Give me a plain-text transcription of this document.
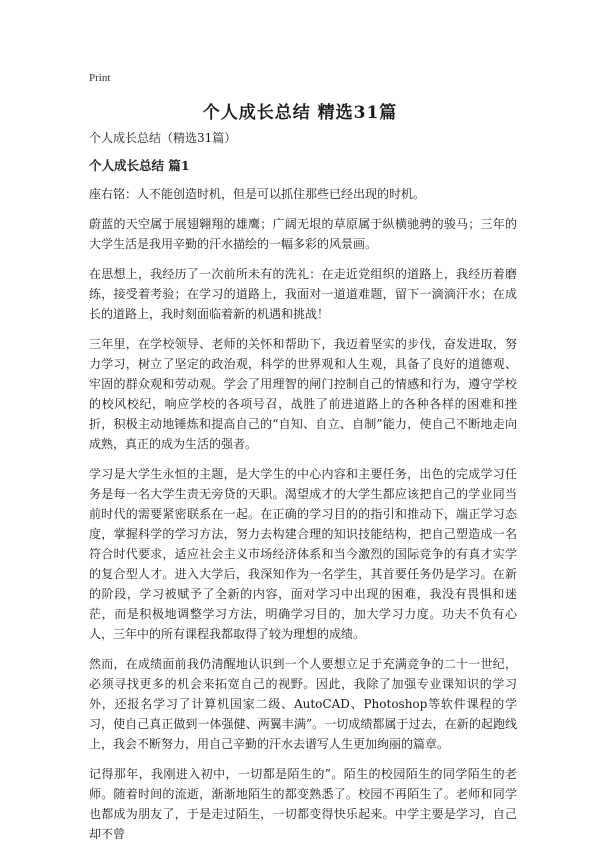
Print
个人成长总结 精选31篇

个人成长总结（精选31篇）

个人成长总结 篇1

座右铭：人不能创造时机，但是可以抓住那些已经出现的时机。

蔚蓝的天空属于展翅翱翔的雄鹰；广阔无垠的草原属于纵横驰骋的骏马；三年的大学生活是我用辛勤的汗水描绘的一幅多彩的风景画。

在思想上，我经历了一次前所未有的洗礼：在走近党组织的道路上，我经历着磨练，接受着考验；在学习的道路上，我面对一道道难题，留下一滴滴汗水；在成长的道路上，我时刻面临着新的机遇和挑战！

三年里，在学校领导、老师的关怀和帮助下，我迈着坚实的步伐，奋发进取，努力学习，树立了坚定的政治观，科学的世界观和人生观，具备了良好的道德观、牢固的群众观和劳动观。学会了用理智的闸门控制自己的情感和行为，遵守学校的校风校纪，响应学校的各项号召，战胜了前进道路上的各种各样的困难和挫折，积极主动地锤炼和提高自己的“自知、自立、自制”能力，使自己不断地走向成熟，真正的成为生活的强者。

学习是大学生永恒的主题，是大学生的中心内容和主要任务，出色的完成学习任务是每一名大学生责无旁贷的天职。渴望成才的大学生都应该把自己的学业同当前时代的需要紧密联系在一起。在正确的学习目的的指引和推动下，端正学习态度，掌握科学的学习方法，努力去构建合理的知识技能结构，把自己塑造成一名符合时代要求，适应社会主义市场经济体系和当今激烈的国际竞争的有真才实学的复合型人才。进入大学后，我深知作为一名学生，其首要任务仍是学习。在新的阶段，学习被赋予了全新的内容，面对学习中出现的困难，我没有畏惧和迷茫，而是积极地调整学习方法，明确学习目的，加大学习力度。功夫不负有心人，三年中的所有课程我都取得了较为理想的成绩。

然而，在成绩面前我仍清醒地认识到一个人要想立足于充满竞争的二十一世纪，必须寻找更多的机会来拓宽自己的视野。因此，我除了加强专业课知识的学习外，还报名学习了计算机国家二级、AutoCAD、Photoshop等软件课程的学习，使自己真正做到一体强健、两翼丰满”。一切成绩都属于过去，在新的起跑线上，我会不断努力，用自己辛勤的汗水去谱写人生更加绚丽的篇章。

记得那年，我刚进入初中，一切都是陌生的”。陌生的校园陌生的同学陌生的老师。随着时间的流逝，渐渐地陌生的都变熟悉了。校园不再陌生了。老师和同学也都成为朋友了，于是走过陌生，一切都变得快乐起来。中学主要是学习，自己却不曾
